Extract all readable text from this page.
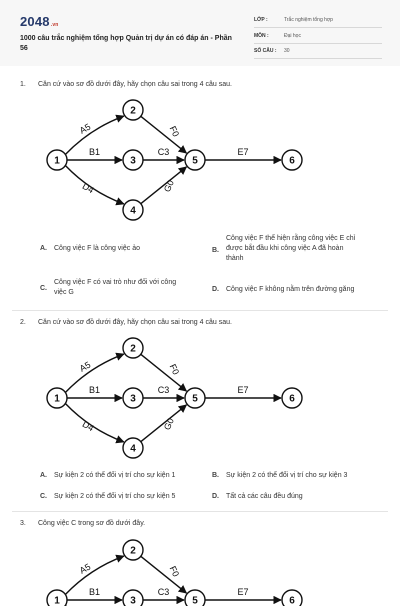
2048.vn
1000 câu trắc nghiệm tổng hợp Quản trị dự án có đáp án - Phần 56
LỚP :	Trắc nghiệm tổng hợp
MÔN :	Đại học
SỐ CÂU : 30
1. Căn cứ vào sơ đồ dưới đây, hãy chọn câu sai trong 4 câu sau.
A5
B1
D4
F0
C3
G0
E7
1
2
3
4
5	6
A. Công việc F là công việc ảo	B.
Công việc F thể hiện rằng công việc E chỉ
được bắt đầu khi công việc A đã hoàn
thành
C.
Công việc F có vai trò như đối với công
việc G	D. Công việc F không nằm trên đường găng
2. Căn cứ vào sơ đồ dưới đây, hãy chọn câu sai trong 4 câu sau.
A5
B1
D4
F0
C3
G0
E7
1
2
3
4
5	6
A. Sự kiện 2 có thể đổi vị trí cho sự kiện 1	B. Sự kiện 2 có thể đổi vị trí cho sự kiện 3
C. Sự kiện 2 có thể đổi vị trí cho sự kiện 5	D. Tất cả các câu đều đúng
3. Công việc C trong sơ đồ dưới đây.
A5
B1
F0
C3	E7
1
2
3	5	6
